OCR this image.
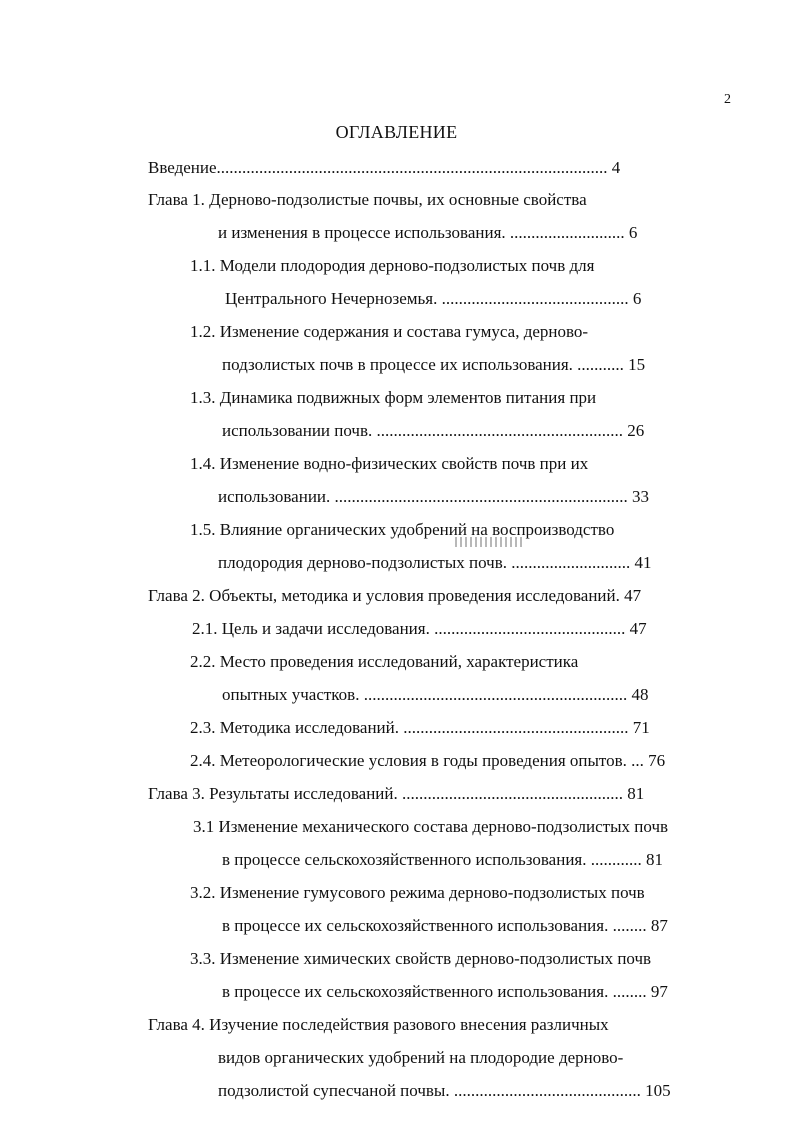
2
ОГЛАВЛЕНИЕ
Введение............................................................................................ 4
Глава 1. Дерново-подзолистые почвы, их основные свойства
и изменения в процессе использования. ........................... 6
1.1. Модели плодородия дерново-подзолистых почв для
Центрального Нечерноземья. ............................................ 6
1.2. Изменение содержания и состава гумуса, дерново-
подзолистых почв в процессе их использования. ........... 15
1.3. Динамика подвижных форм элементов питания при
использовании почв. .......................................................... 26
1.4. Изменение водно-физических свойств почв при их
использовании. ..................................................................... 33
1.5. Влияние органических удобрений на воспроизводство
плодородия дерново-подзолистых почв. ............................ 41
Глава 2. Объекты, методика и условия проведения исследований. 47
2.1. Цель и задачи исследования. ............................................. 47
2.2. Место проведения исследований, характеристика
опытных участков. .............................................................. 48
2.3. Методика исследований. ..................................................... 71
2.4. Метеорологические условия в годы проведения опытов. ... 76
Глава 3. Результаты исследований. .................................................... 81
3.1 Изменение механического состава дерново-подзолистых почв
в процессе сельскохозяйственного использования. ............ 81
3.2. Изменение гумусового режима дерново-подзолистых почв
в процессе их сельскохозяйственного использования. ........ 87
3.3. Изменение химических свойств дерново-подзолистых почв
в процессе их сельскохозяйственного использования. ........ 97
Глава 4. Изучение последействия разового внесения различных
видов органических удобрений на плодородие дерново-
подзолистой супесчаной почвы. ............................................ 105
